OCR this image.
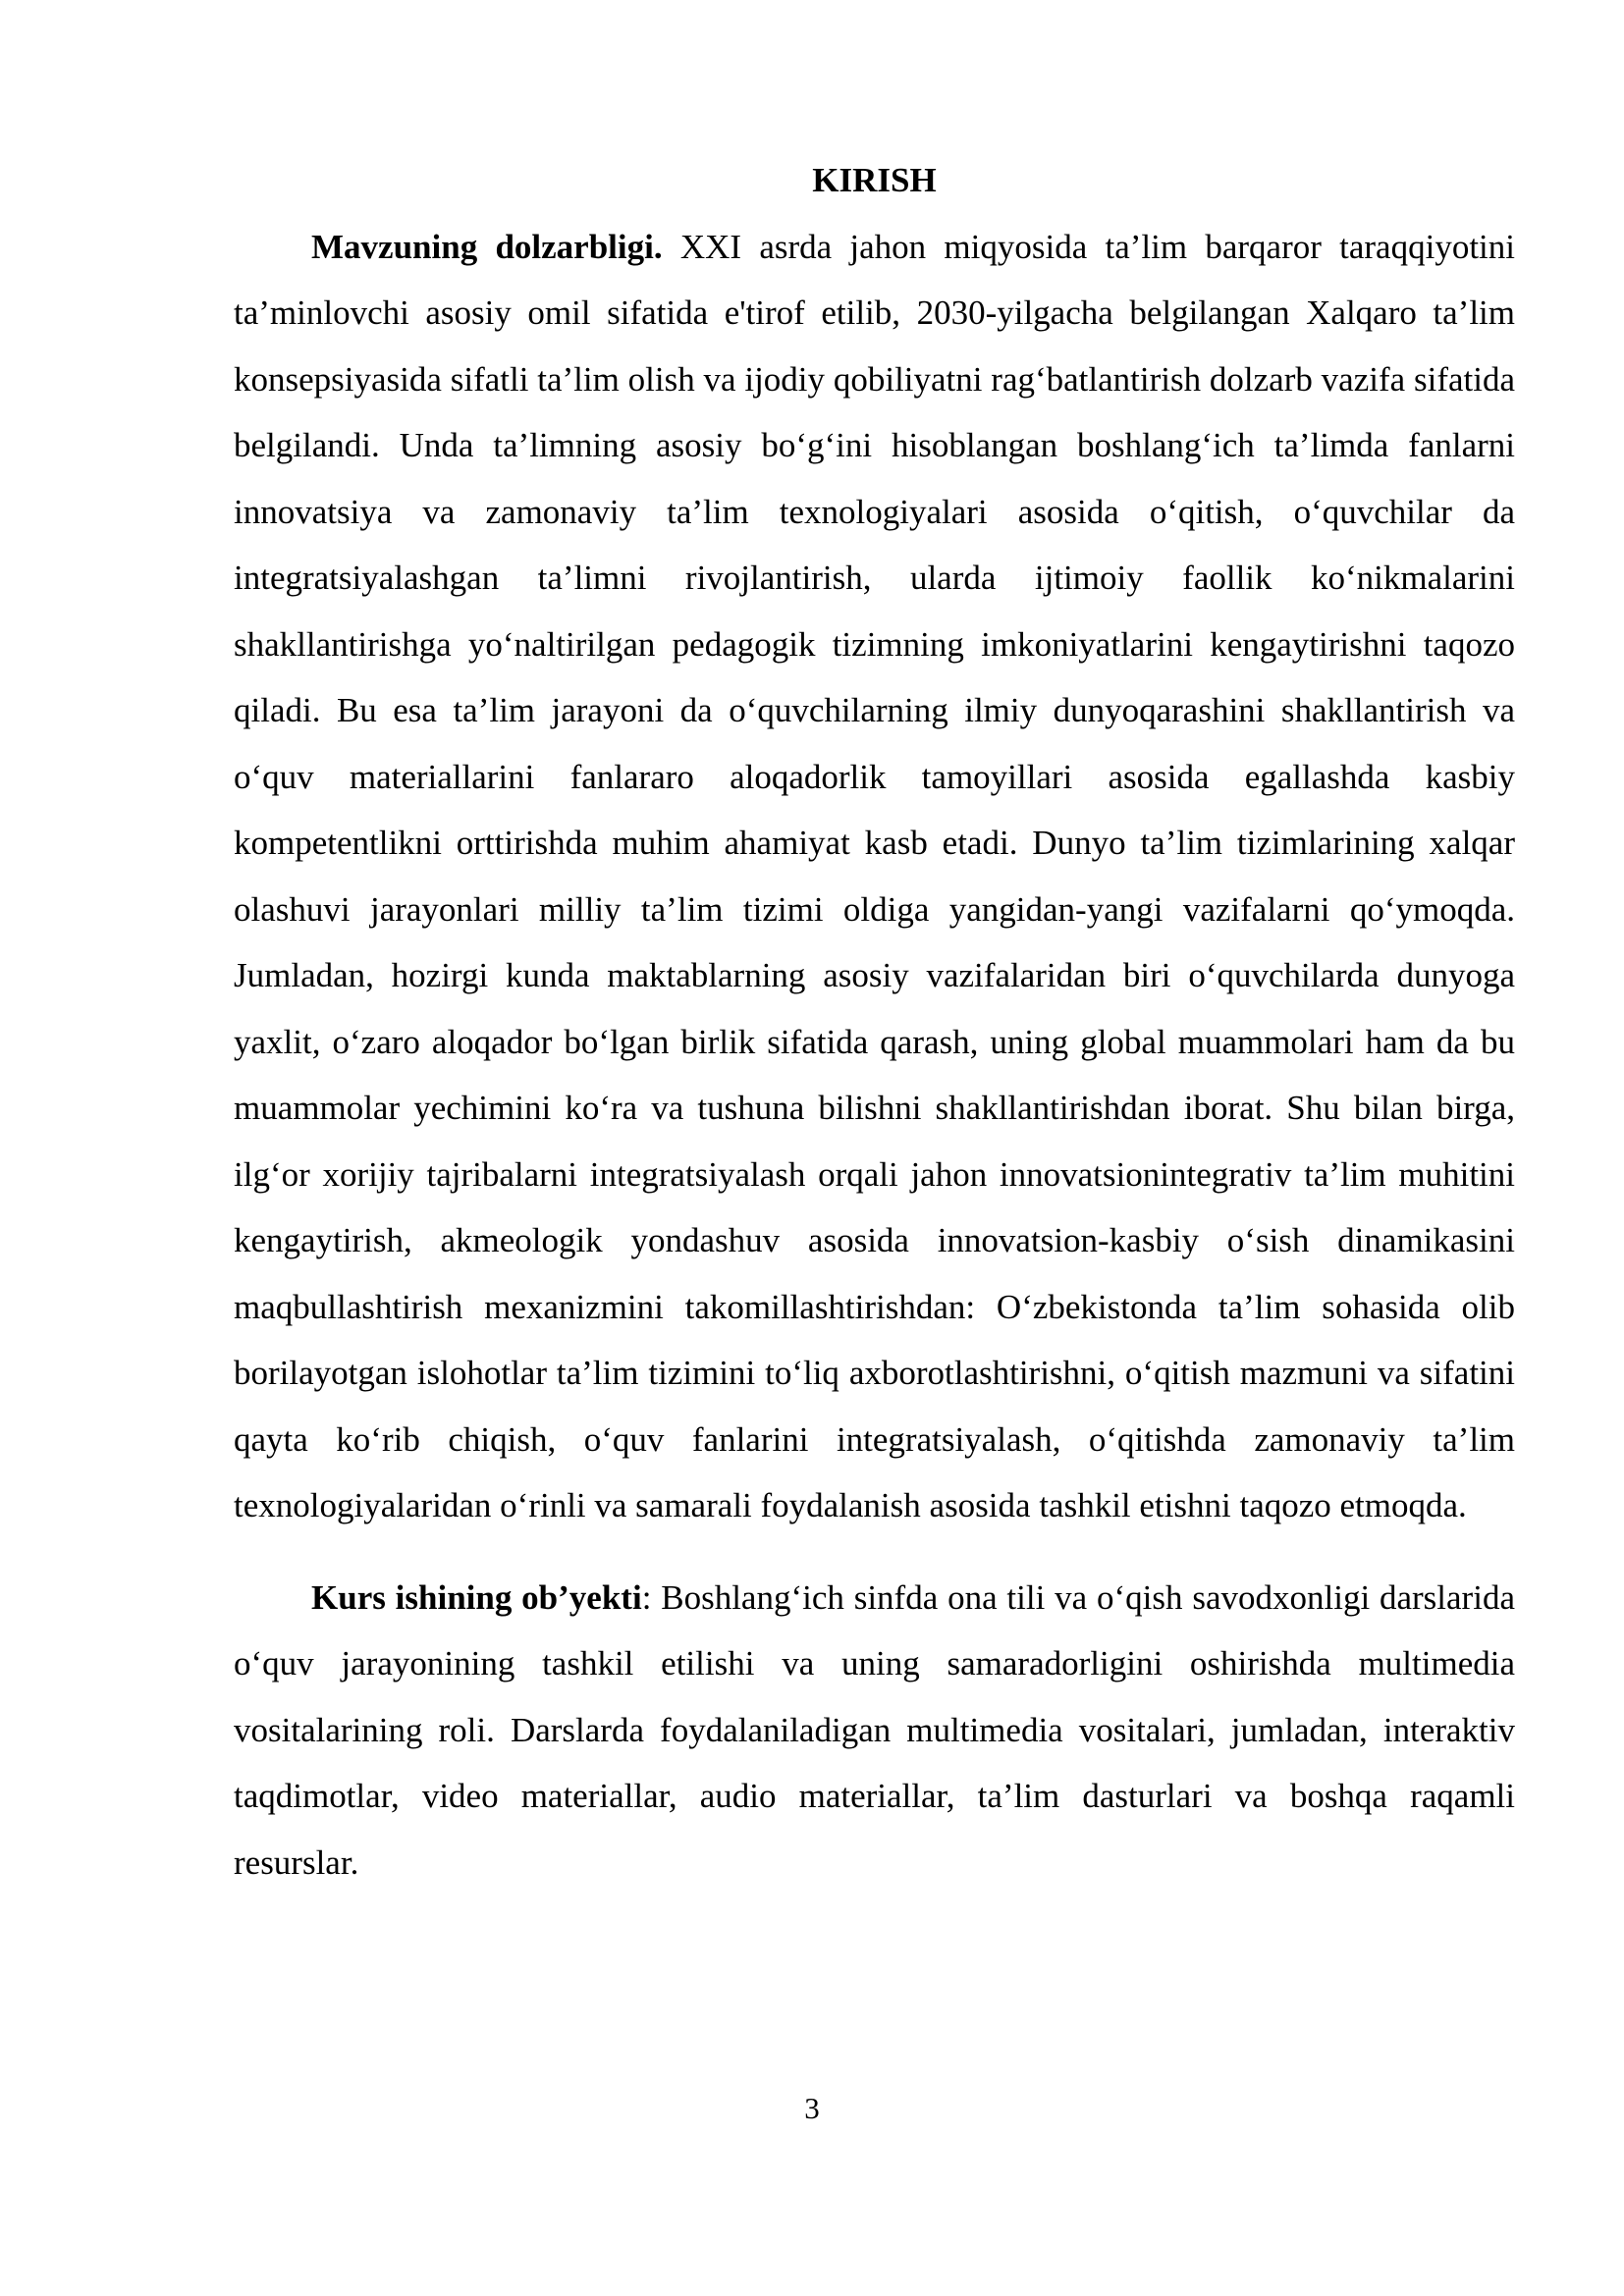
KIRISH

Mavzuning dolzarbligi. XXI asrda jahon miqyosida ta’lim barqaror taraqqiyotini ta’minlovchi asosiy omil sifatida e'tirof etilib, 2030-yilgacha belgilangan Xalqaro ta’lim konsepsiyasida sifatli ta’lim olish va ijodiy qobiliyatni rag‘batlantirish dolzarb vazifa sifatida belgilandi. Unda ta’limning asosiy bo‘g‘ini hisoblangan boshlang‘ich ta’limda fanlarni innovatsiya va zamonaviy ta’lim texnologiyalari asosida o‘qitish, o‘quvchilar da integratsiyalashgan ta’limni rivojlantirish, ularda ijtimoiy faollik ko‘nikmalarini shakllantirishga yo‘naltirilgan pedagogik tizimning imkoniyatlarini kengaytirishni taqozo qiladi. Bu esa ta’lim jarayoni da o‘quvchilarning ilmiy dunyoqarashini shakllantirish va o‘quv materiallarini fanlararo aloqadorlik tamoyillari asosida egallashda kasbiy kompetentlikni orttirishda muhim ahamiyat kasb etadi. Dunyo ta’lim tizimlarining xalqar olashuvi jarayonlari milliy ta’lim tizimi oldiga yangidan-yangi vazifalarni qo‘ymoqda. Jumladan, hozirgi kunda maktablarning asosiy vazifalaridan biri o‘quvchilarda dunyoga yaxlit, o‘zaro aloqador bo‘lgan birlik sifatida qarash, uning global muammolari ham da bu muammolar yechimini ko‘ra va tushuna bilishni shakllantirishdan iborat. Shu bilan birga, ilg‘or xorijiy tajribalarni integratsiyalash orqali jahon innovatsionintegrativ ta’lim muhitini kengaytirish, akmeologik yondashuv asosida innovatsion-kasbiy o‘sish dinamikasini maqbullashtirish mexanizmini takomillashtirishdan: O‘zbekistonda ta’lim sohasida olib borilayotgan islohotlar ta’lim tizimini to‘liq axborotlashtirishni, o‘qitish mazmuni va sifatini qayta ko‘rib chiqish, o‘quv fanlarini integratsiyalash, o‘qitishda zamonaviy ta’lim texnologiyalaridan o‘rinli va samarali foydalanish asosida tashkil etishni taqozo etmoqda.

Kurs ishining ob’yekti: Boshlang‘ich sinfda ona tili va o‘qish savodxonligi darslarida o‘quv jarayonining tashkil etilishi va uning samaradorligini oshirishda multimedia vositalarining roli. Darslarda foydalaniladigan multimedia vositalari, jumladan, interaktiv taqdimotlar, video materiallar, audio materiallar, ta’lim dasturlari va boshqa raqamli resurslar.

3
